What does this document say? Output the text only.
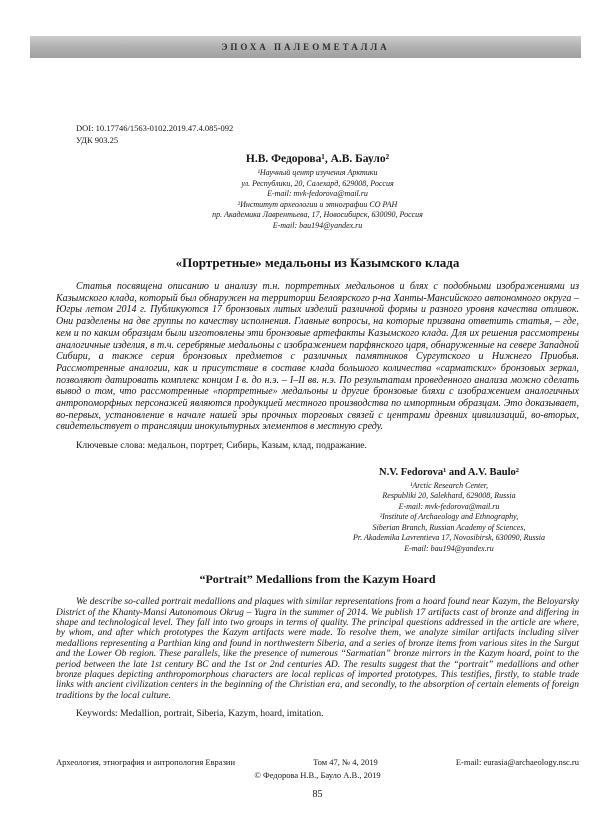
ЭПОХА ПАЛЕОМЕТАЛЛА
DOI: 10.17746/1563-0102.2019.47.4.085-092
УДК 903.25
Н.В. Федорова¹, А.В. Бауло²
¹Научный центр изучения Арктики
ул. Республики, 20, Салехард, 629008, Россия
E-mail: mvk-fedorova@mail.ru
²Институт археологии и этнографии СО РАН
пр. Академика Лаврентьева, 17, Новосибирск, 630090, Россия
E-mail: bau194@yandex.ru
«Портретные» медальоны из Казымского клада

Статья посвящена описанию и анализу т.н. портретных медальонов и блях с подобными изображениями из Казымского клада, который был обнаружен на территории Белоярского р-на Ханты-Мансийского автономного округа – Югры летом 2014 г. Публикуются 17 бронзовых литых изделий различной формы и разного уровня качества отливок. Они разделены на две группы по качеству исполнения. Главные вопросы, на которые призвана ответить статья, – где, кем и по каким образцам были изготовлены эти бронзовые артефакты Казымского клада. Для их решения рассмотрены аналогичные изделия, в т.ч. серебряные медальоны с изображением парфянского царя, обнаруженные на севере Западной Сибири, а также серия бронзовых предметов с различных памятников Сургутского и Нижнего Приобья. Рассмотренные аналогии, как и присутствие в составе клада большого количества «сарматских» бронзовых зеркал, позволяют датировать комплекс концом I в. до н.э. – I–II вв. н.э. По результатам проведенного анализа можно сделать вывод о том, что рассмотренные «портретные» медальоны и другие бронзовые бляхи с изображением аналогичных антропоморфных персонажей являются продукцией местного производства по импортным образцам. Это доказывает, во-первых, установление в начале нашей эры прочных торговых связей с центрами древних цивилизаций, во-вторых, свидетельствует о трансляции инокультурных элементов в местную среду.

Ключевые слова: медальон, портрет, Сибирь, Казым, клад, подражание.

N.V. Fedorova¹ and A.V. Baulo²
¹Arctic Research Center,
Respubliki 20, Salekhard, 629008, Russia
E-mail: mvk-fedorova@mail.ru
²Institute of Archaeology and Ethnography,
Siberian Branch, Russian Academy of Sciences,
Pr. Akademika Lavrentieva 17, Novosibirsk, 630090, Russia
E-mail: bau194@yandex.ru
“Portrait” Medallions from the Kazym Hoard

We describe so-called portrait medallions and plaques with similar representations from a hoard found near Kazym, the Beloyarsky District of the Khanty-Mansi Autonomous Okrug – Yugra in the summer of 2014. We publish 17 artifacts cast of bronze and differing in shape and technological level. They fall into two groups in terms of quality. The principal questions addressed in the article are where, by whom, and after which prototypes the Kazym artifacts were made. To resolve them, we analyze similar artifacts including silver medallions representing a Parthian king and found in northwestern Siberia, and a series of bronze items from various sites in the Surgut and the Lower Ob region. These parallels, like the presence of numerous “Sarmatian” bronze mirrors in the Kazym hoard, point to the period between the late 1st century BC and the 1st or 2nd centuries AD. The results suggest that the “portrait” medallions and other bronze plaques depicting anthropomorphous characters are local replicas of imported prototypes. This testifies, firstly, to stable trade links with ancient civilization centers in the beginning of the Christian era, and secondly, to the absorption of certain elements of foreign traditions by the local culture.

Keywords: Medallion, portrait, Siberia, Kazym, hoard, imitation.

Археология, этнография и антропология Евразии	Том 47, № 4, 2019	E-mail: eurasia@archaeology.nsc.ru
© Федорова Н.В., Бауло А.В., 2019
85
